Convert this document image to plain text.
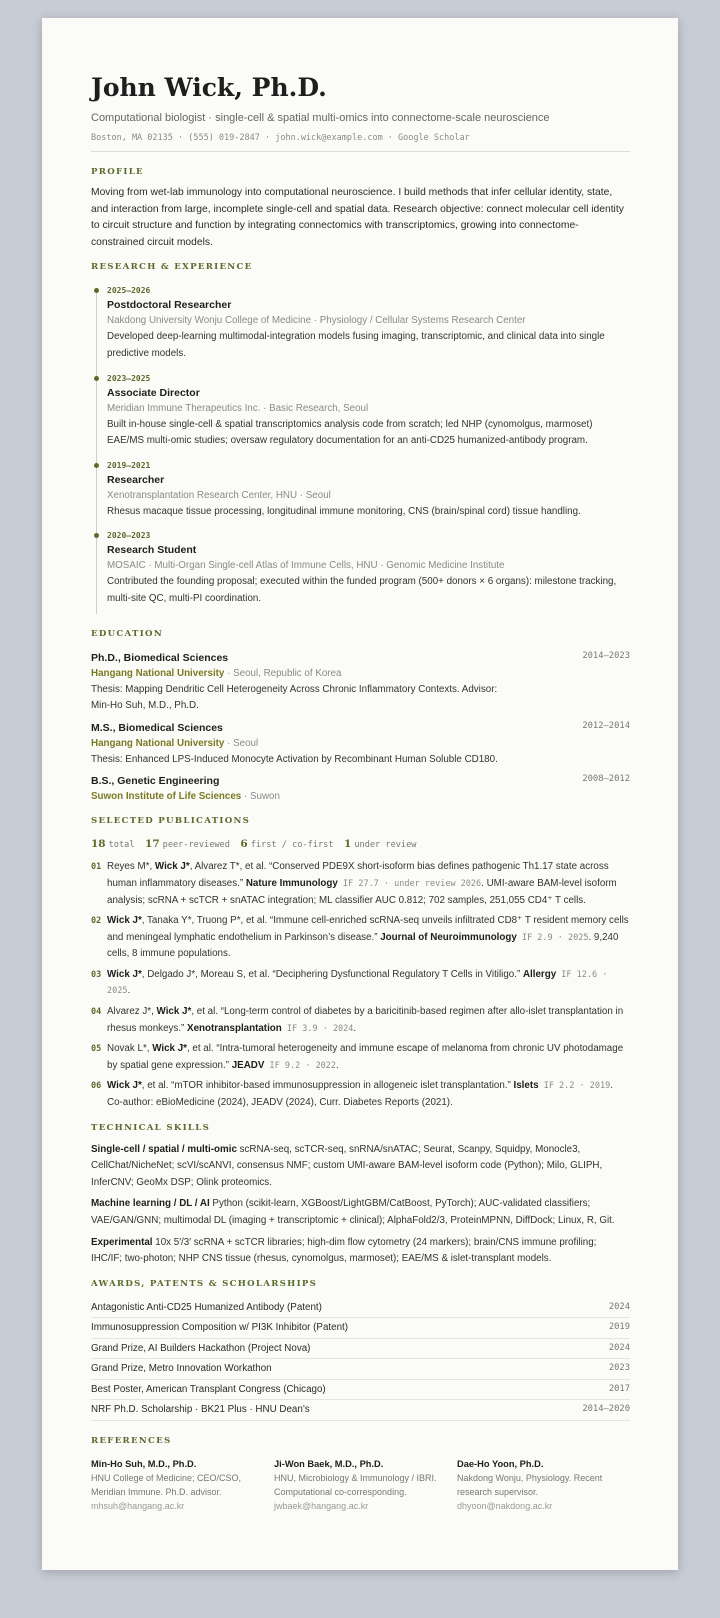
John Wick, Ph.D.
Computational biologist · single-cell & spatial multi-omics into connectome-scale neuroscience
Boston, MA 02135 · (555) 019-2847 · john.wick@example.com · Google Scholar
PROFILE
Moving from wet-lab immunology into computational neuroscience. I build methods that infer cellular identity, state, and interaction from large, incomplete single-cell and spatial data. Research objective: connect molecular cell identity to circuit structure and function by integrating connectomics with transcriptomics, growing into connectome-constrained circuit models.
RESEARCH & EXPERIENCE
2025–2026
Postdoctoral Researcher
Nakdong University Wonju College of Medicine · Physiology / Cellular Systems Research Center
Developed deep-learning multimodal-integration models fusing imaging, transcriptomic, and clinical data into single predictive models.
2023–2025
Associate Director
Meridian Immune Therapeutics Inc. · Basic Research, Seoul
Built in-house single-cell & spatial transcriptomics analysis code from scratch; led NHP (cynomolgus, marmoset) EAE/MS multi-omic studies; oversaw regulatory documentation for an anti-CD25 humanized-antibody program.
2019–2021
Researcher
Xenotransplantation Research Center, HNU · Seoul
Rhesus macaque tissue processing, longitudinal immune monitoring, CNS (brain/spinal cord) tissue handling.
2020–2023
Research Student
MOSAIC · Multi-Organ Single-cell Atlas of Immune Cells, HNU · Genomic Medicine Institute
Contributed the founding proposal; executed within the funded program (500+ donors × 6 organs): milestone tracking, multi-site QC, multi-PI coordination.
EDUCATION
Ph.D., Biomedical Sciences	2014–2023
Hangang National University · Seoul, Republic of Korea
Thesis: Mapping Dendritic Cell Heterogeneity Across Chronic Inflammatory Contexts. Advisor: Min-Ho Suh, M.D., Ph.D.
M.S., Biomedical Sciences	2012–2014
Hangang National University · Seoul
Thesis: Enhanced LPS-Induced Monocyte Activation by Recombinant Human Soluble CD180.
B.S., Genetic Engineering	2008–2012
Suwon Institute of Life Sciences · Suwon
SELECTED PUBLICATIONS
18 total 17 peer-reviewed 6 first / co-first 1 under review
01 Reyes M*, Wick J*, Alvarez T*, et al. “Conserved PDE9X short-isoform bias defines pathogenic Th1.17 state across human inflammatory diseases.” Nature Immunology IF 27.7 · under review 2026. UMI-aware BAM-level isoform analysis; scRNA + scTCR + snATAC integration; ML classifier AUC 0.812; 702 samples, 251,055 CD4⁺ T cells.
02 Wick J*, Tanaka Y*, Truong P*, et al. “Immune cell-enriched scRNA-seq unveils infiltrated CD8⁺ T resident memory cells and meningeal lymphatic endothelium in Parkinson’s disease.” Journal of Neuroimmunology IF 2.9 · 2025. 9,240 cells, 8 immune populations.
03 Wick J*, Delgado J*, Moreau S, et al. “Deciphering Dysfunctional Regulatory T Cells in Vitiligo.” Allergy IF 12.6 · 2025.
04 Alvarez J*, Wick J*, et al. “Long-term control of diabetes by a baricitinib-based regimen after allo-islet transplantation in rhesus monkeys.” Xenotransplantation IF 3.9 · 2024.
05 Novak L*, Wick J*, et al. “Intra-tumoral heterogeneity and immune escape of melanoma from chronic UV photodamage by spatial gene expression.” JEADV IF 9.2 · 2022.
06 Wick J*, et al. “mTOR inhibitor-based immunosuppression in allogeneic islet transplantation.” Islets IF 2.2 · 2019. Co-author: eBioMedicine (2024), JEADV (2024), Curr. Diabetes Reports (2021).
TECHNICAL SKILLS
Single-cell / spatial / multi-omic scRNA-seq, scTCR-seq, snRNA/snATAC; Seurat, Scanpy, Squidpy, Monocle3, CellChat/NicheNet; scVI/scANVI, consensus NMF; custom UMI-aware BAM-level isoform code (Python); Milo, GLIPH, InferCNV; GeoMx DSP; Olink proteomics.
Machine learning / DL / AI Python (scikit-learn, XGBoost/LightGBM/CatBoost, PyTorch); AUC-validated classifiers; VAE/GAN/GNN; multimodal DL (imaging + transcriptomic + clinical); AlphaFold2/3, ProteinMPNN, DiffDock; Linux, R, Git.
Experimental 10x 5′/3′ scRNA + scTCR libraries; high-dim flow cytometry (24 markers); brain/CNS immune profiling; IHC/IF; two-photon; NHP CNS tissue (rhesus, cynomolgus, marmoset); EAE/MS & islet-transplant models.
AWARDS, PATENTS & SCHOLARSHIPS
Antagonistic Anti-CD25 Humanized Antibody (Patent)	2024
Immunosuppression Composition w/ PI3K Inhibitor (Patent)	2019
Grand Prize, AI Builders Hackathon (Project Nova)	2024
Grand Prize, Metro Innovation Workathon	2023
Best Poster, American Transplant Congress (Chicago)	2017
NRF Ph.D. Scholarship · BK21 Plus · HNU Dean’s	2014–2020
REFERENCES
Min-Ho Suh, M.D., Ph.D.
HNU College of Medicine; CEO/CSO, Meridian Immune. Ph.D. advisor.
mhsuh@hangang.ac.kr
Ji-Won Baek, M.D., Ph.D.
HNU, Microbiology & Immunology / IBRI. Computational co-corresponding.
jwbaek@hangang.ac.kr
Dae-Ho Yoon, Ph.D.
Nakdong Wonju, Physiology. Recent research supervisor.
dhyoon@nakdong.ac.kr
